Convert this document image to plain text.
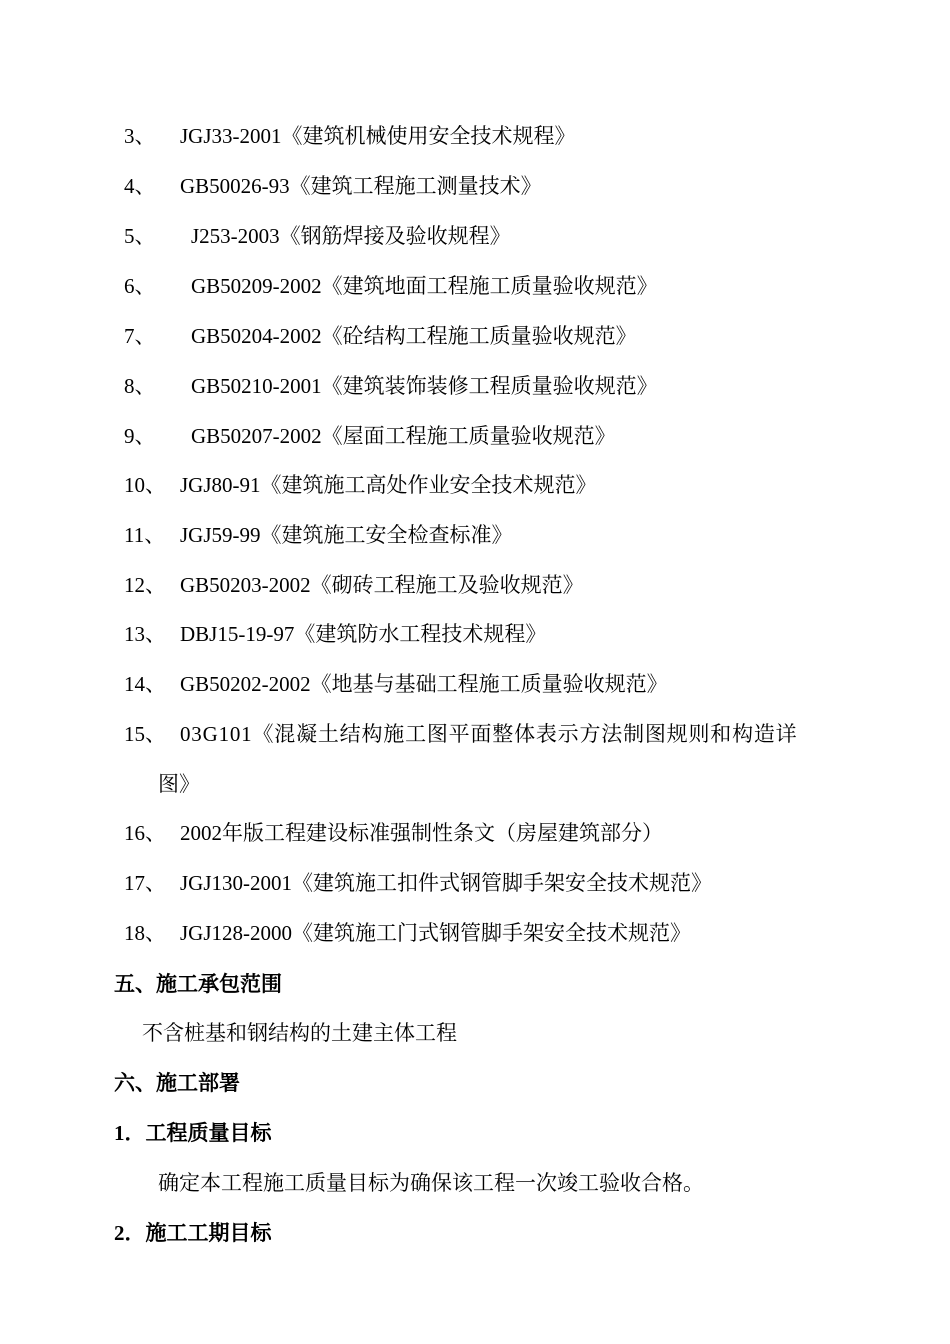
3、 JGJ33-2001《建筑机械使用安全技术规程》
4、 GB50026-93《建筑工程施工测量技术》
5、 J253-2003《钢筋焊接及验收规程》
6、 GB50209-2002《建筑地面工程施工质量验收规范》
7、 GB50204-2002《砼结构工程施工质量验收规范》
8、 GB50210-2001《建筑装饰装修工程质量验收规范》
9、 GB50207-2002《屋面工程施工质量验收规范》
10、 JGJ80-91《建筑施工高处作业安全技术规范》
11、 JGJ59-99《建筑施工安全检查标准》
12、 GB50203-2002《砌砖工程施工及验收规范》
13、 DBJ15-19-97《建筑防水工程技术规程》
14、 GB50202-2002《地基与基础工程施工质量验收规范》
15、 03G101《混凝土结构施工图平面整体表示方法制图规则和构造详
图》
16、 2002年版工程建设标准强制性条文（房屋建筑部分）
17、 JGJ130-2001《建筑施工扣件式钢管脚手架安全技术规范》
18、 JGJ128-2000《建筑施工门式钢管脚手架安全技术规范》
五、施工承包范围
不含桩基和钢结构的土建主体工程
六、施工部署
1．工程质量目标
确定本工程施工质量目标为确保该工程一次竣工验收合格。
2．施工工期目标
